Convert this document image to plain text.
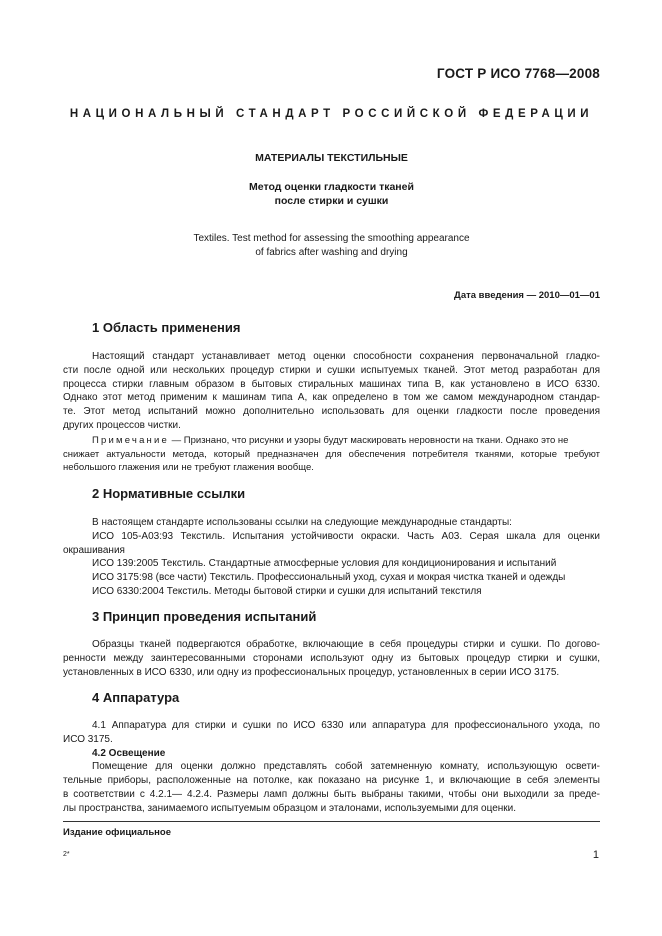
ГОСТ Р ИСО 7768—2008
НАЦИОНАЛЬНЫЙ СТАНДАРТ РОССИЙСКОЙ ФЕДЕРАЦИИ
МАТЕРИАЛЫ ТЕКСТИЛЬНЫЕ
Метод оценки гладкости тканей
после стирки и сушки
Textiles. Test method for assessing the smoothing appearance
of fabrics after washing and drying
Дата введения — 2010—01—01
1 Область применения
Настоящий стандарт устанавливает метод оценки способности сохранения первоначальной гладко-
сти после одной или нескольких процедур стирки и сушки испытуемых тканей. Этот метод разработан для
процесса стирки главным образом в бытовых стиральных машинах типа В, как установлено в ИСО 6330.
Однако этот метод применим к машинам типа А, как определено в том же самом международном стандар-
те. Этот метод испытаний можно дополнительно использовать для оценки гладкости после проведения
других процессов чистки.
Примечание — Признано, что рисунки и узоры будут маскировать неровности на ткани. Однако это не
снижает актуальности метода, который предназначен для обеспечения потребителя тканями, которые требуют
небольшого глажения или не требуют глажения вообще.
2 Нормативные ссылки
В настоящем стандарте использованы ссылки на следующие международные стандарты:
ИСО 105-А03:93 Текстиль. Испытания устойчивости окраски. Часть А03. Серая шкала для оценки
окрашивания
ИСО 139:2005 Текстиль. Стандартные атмосферные условия для кондиционирования и испытаний
ИСО 3175:98 (все части) Текстиль. Профессиональный уход, сухая и мокрая чистка тканей и одежды
ИСО 6330:2004 Текстиль. Методы бытовой стирки и сушки для испытаний текстиля
3 Принцип проведения испытаний
Образцы тканей подвергаются обработке, включающие в себя процедуры стирки и сушки. По догово-
ренности между заинтересованными сторонами используют одну из бытовых процедур стирки и сушки,
установленных в ИСО 6330, или одну из профессиональных процедур, установленных в серии ИСО 3175.
4 Аппаратура
4.1 Аппаратура для стирки и сушки по ИСО 6330 или аппаратура для профессионального ухода, по
ИСО 3175.
4.2 Освещение
Помещение для оценки должно представлять собой затемненную комнату, использующую освети-
тельные приборы, расположенные на потолке, как показано на рисунке 1, и включающие в себя элементы
в соответствии с 4.2.1— 4.2.4. Размеры ламп должны быть выбраны такими, чтобы они выходили за преде-
лы пространства, занимаемого испытуемым образцом и эталонами, используемыми для оценки.
Издание официальное
2*	1
